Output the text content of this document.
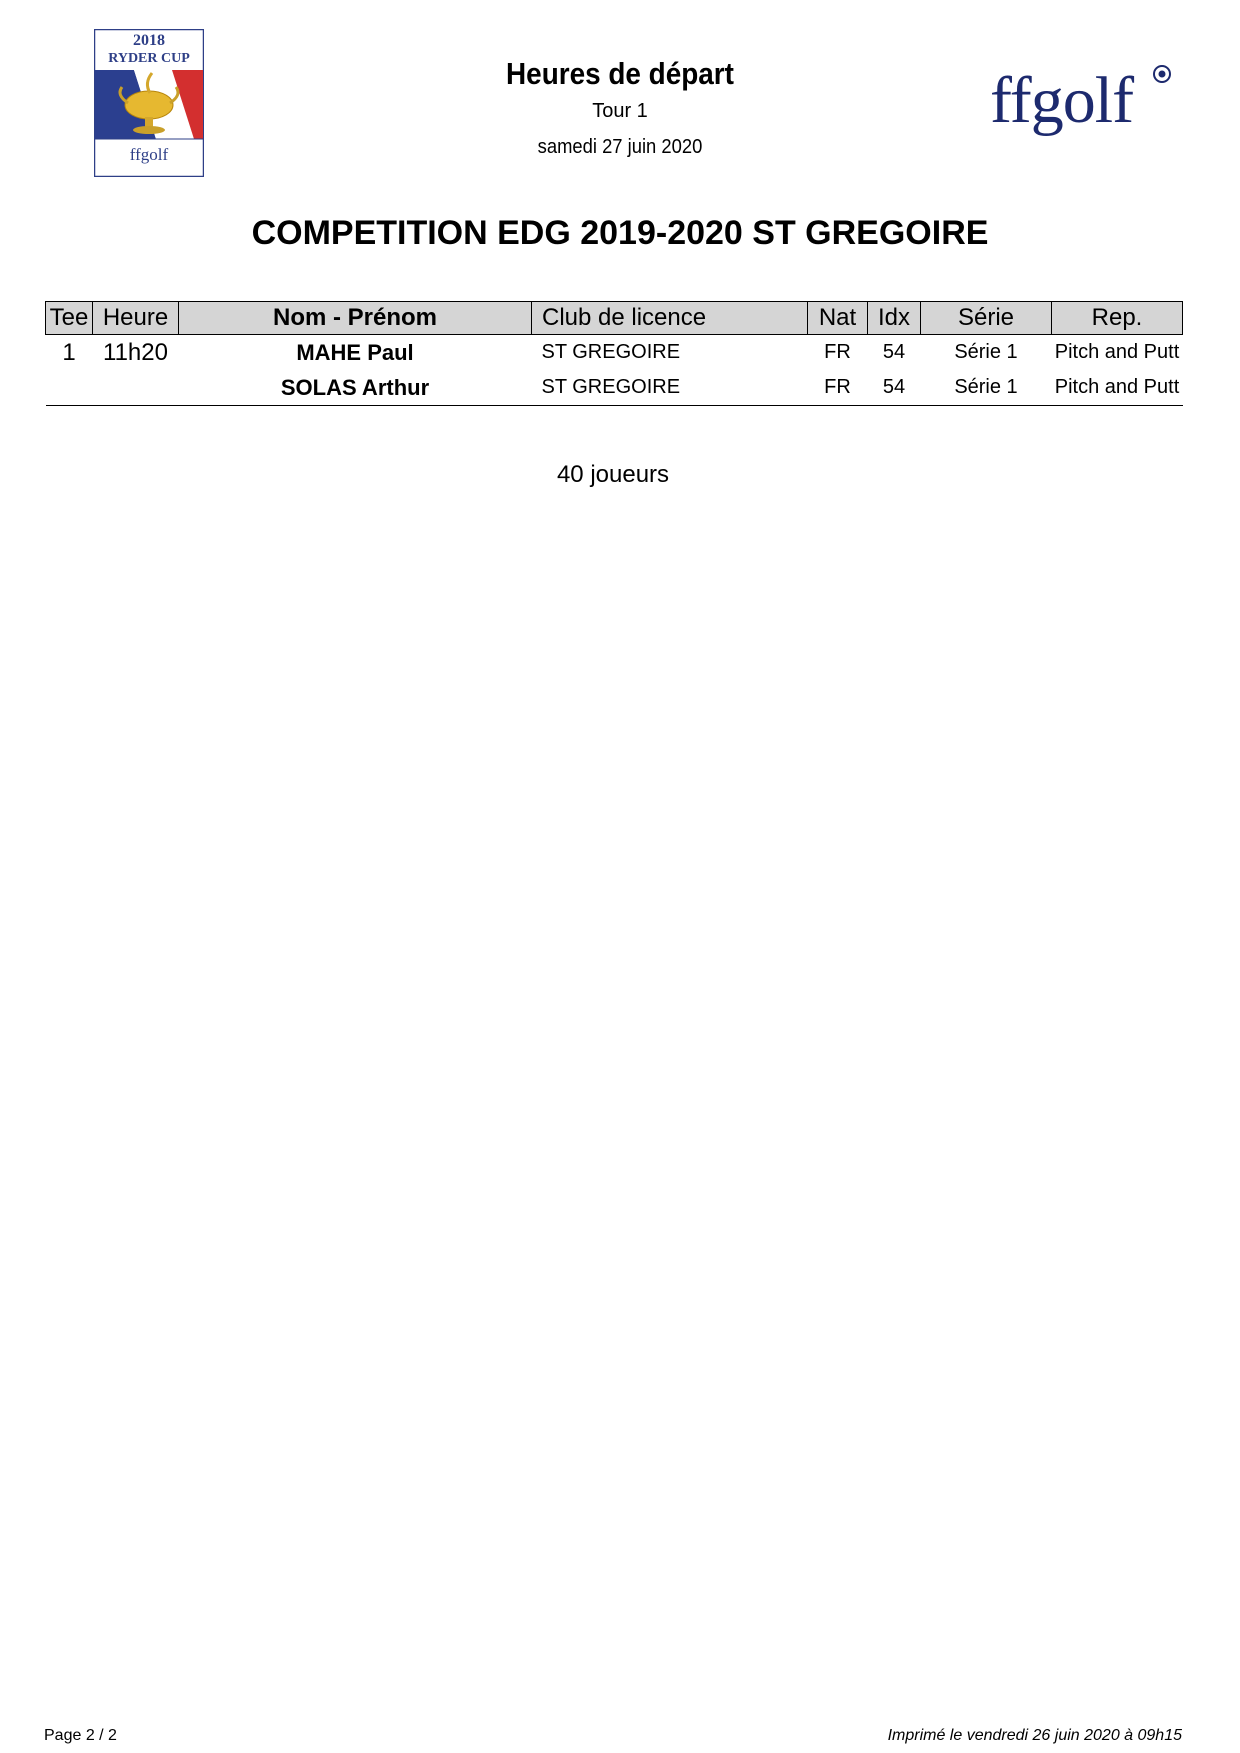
2018
RYDER CUP
ffgolf
ffgolf
Heures de départ
Tour 1
samedi 27 juin 2020
COMPETITION EDG 2019-2020 ST GREGOIRE
Tee	Heure	Nom - Prénom	Club de licence	Nat	Idx	Série	Rep.
1	11h20	MAHE Paul	ST GREGOIRE	FR	54	Série 1	Pitch and Putt
		SOLAS Arthur	ST GREGOIRE	FR	54	Série 1	Pitch and Putt
40 joueurs
Page 2 / 2	Imprimé le vendredi 26 juin 2020 à 09h15
